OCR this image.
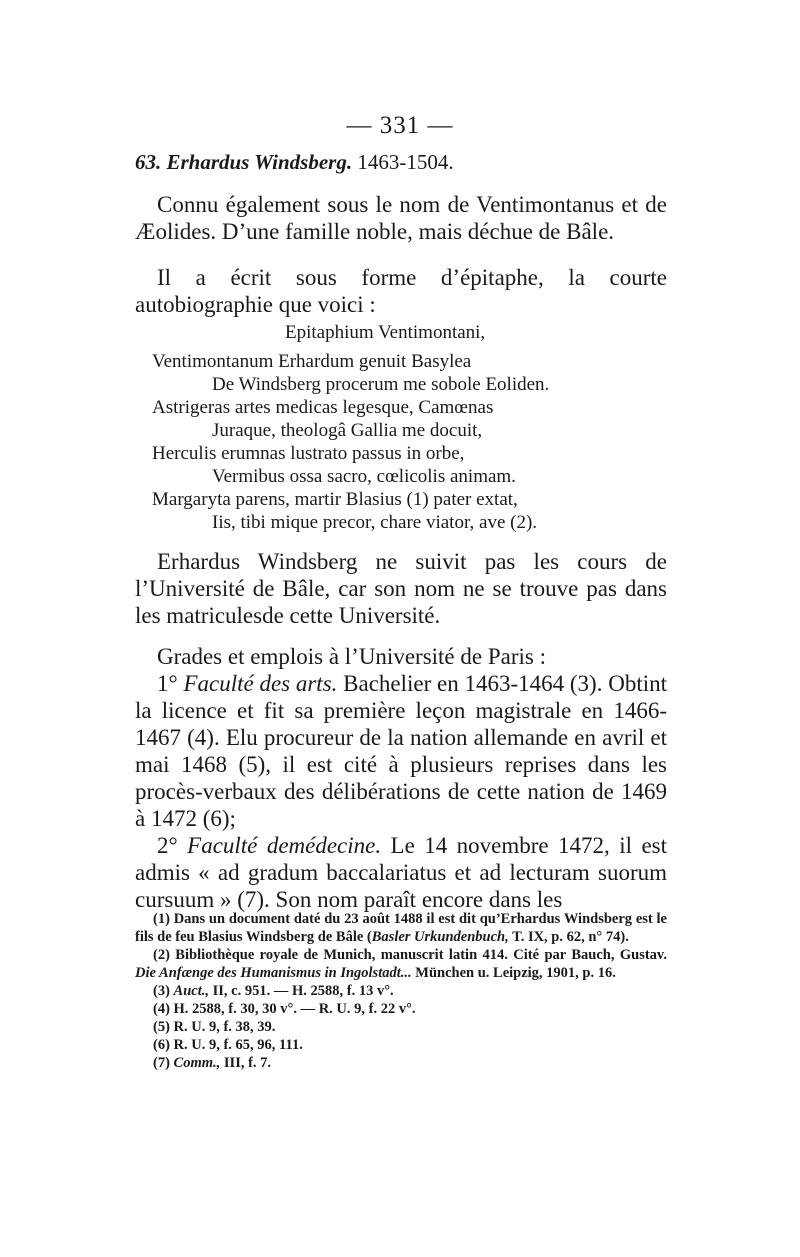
— 331 —
63. Erhardus Windsberg. 1463-1504.
Connu également sous le nom de Ventimontanus et de Æolides. D’une famille noble, mais déchue de Bâle.
Il a écrit sous forme d’épitaphe, la courte autobiographie que voici :
Epitaphium Ventimontani,
Ventimontanum Erhardum genuit Basylea
De Windsberg procerum me sobole Eoliden.
Astrigeras artes medicas legesque, Camœnas
Juraque, theologâ Gallia me docuit,
Herculis erumnas lustrato passus in orbe,
Vermibus ossa sacro, cœlicolis animam.
Margaryta parens, martir Blasius (1) pater extat,
Iis, tibi mique precor, chare viator, ave (2).

Erhardus Windsberg ne suivit pas les cours de l’Université de Bâle, car son nom ne se trouve pas dans les matriculesde cette Université.

Grades et emplois à l’Université de Paris :

1° Faculté des arts. Bachelier en 1463-1464 (3). Obtint la licence et fit sa première leçon magistrale en 1466-1467 (4). Elu procureur de la nation allemande en avril et mai 1468 (5), il est cité à plusieurs reprises dans les procès-verbaux des délibérations de cette nation de 1469 à 1472 (6);

2° Faculté demédecine. Le 14 novembre 1472, il est admis « ad gradum baccalariatus et ad lecturam suorum cursuum » (7). Son nom paraît encore dans les

(1) Dans un document daté du 23 août 1488 il est dit qu’Erhardus Windsberg est le fils de feu Blasius Windsberg de Bâle (Basler Urkundenbuch, T. IX, p. 62, n° 74).

(2) Bibliothèque royale de Munich, manuscrit latin 414. Cité par Bauch, Gustav. Die Anfænge des Humanismus in Ingolstadt... München u. Leipzig, 1901, p. 16.

(3) Auct., II, c. 951. — H. 2588, f. 13 v°.

(4) H. 2588, f. 30, 30 v°. — R. U. 9, f. 22 v°.

(5) R. U. 9, f. 38, 39.

(6) R. U. 9, f. 65, 96, 111.

(7) Comm., III, f. 7.
